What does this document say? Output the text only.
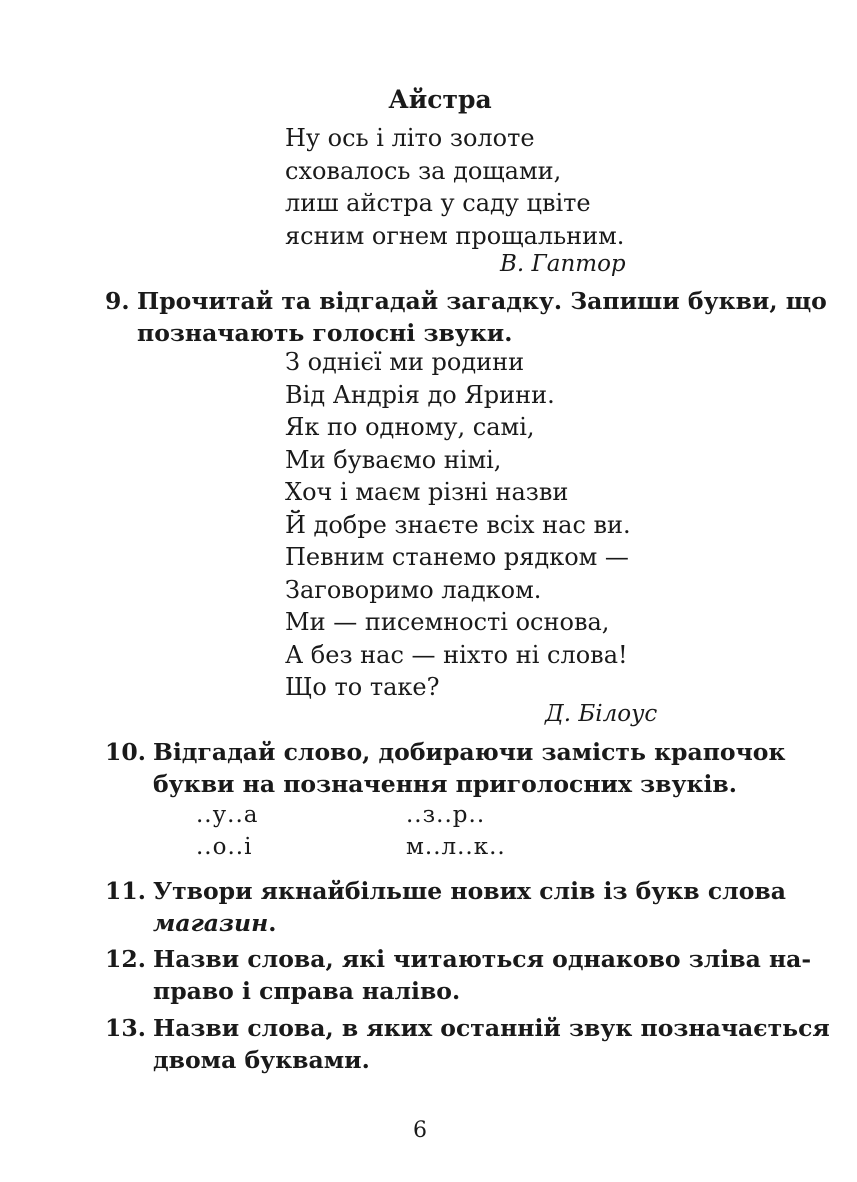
Айстра
Ну ось і літо золоте
сховалось за дощами,
лиш айстра у саду цвіте
ясним огнем прощальним.
В. Гаптор
9. Прочитай та відгадай загадку. Запиши букви, що
позначають голосні звуки.
З однієї ми родини
Від Андрія до Ярини.
Як по одному, самі,
Ми буваємо німі,
Хоч і маєм різні назви
Й добре знаєте всіх нас ви.
Певним станемо рядком —
Заговоримо ладком.
Ми — писемності основа,
А без нас — ніхто ні слова!
Що то таке?
Д. Білоус
10. Відгадай слово, добираючи замість крапочок
букви на позначення приголосних звуків.
..у..а	..з..р..
..о..і	м..л..к..
11. Утвори якнайбільше нових слів із букв слова
магазин.
12. Назви слова, які читаються однаково зліва на-
право і справа наліво.
13. Назви слова, в яких останній звук позначається
двома буквами.
6
